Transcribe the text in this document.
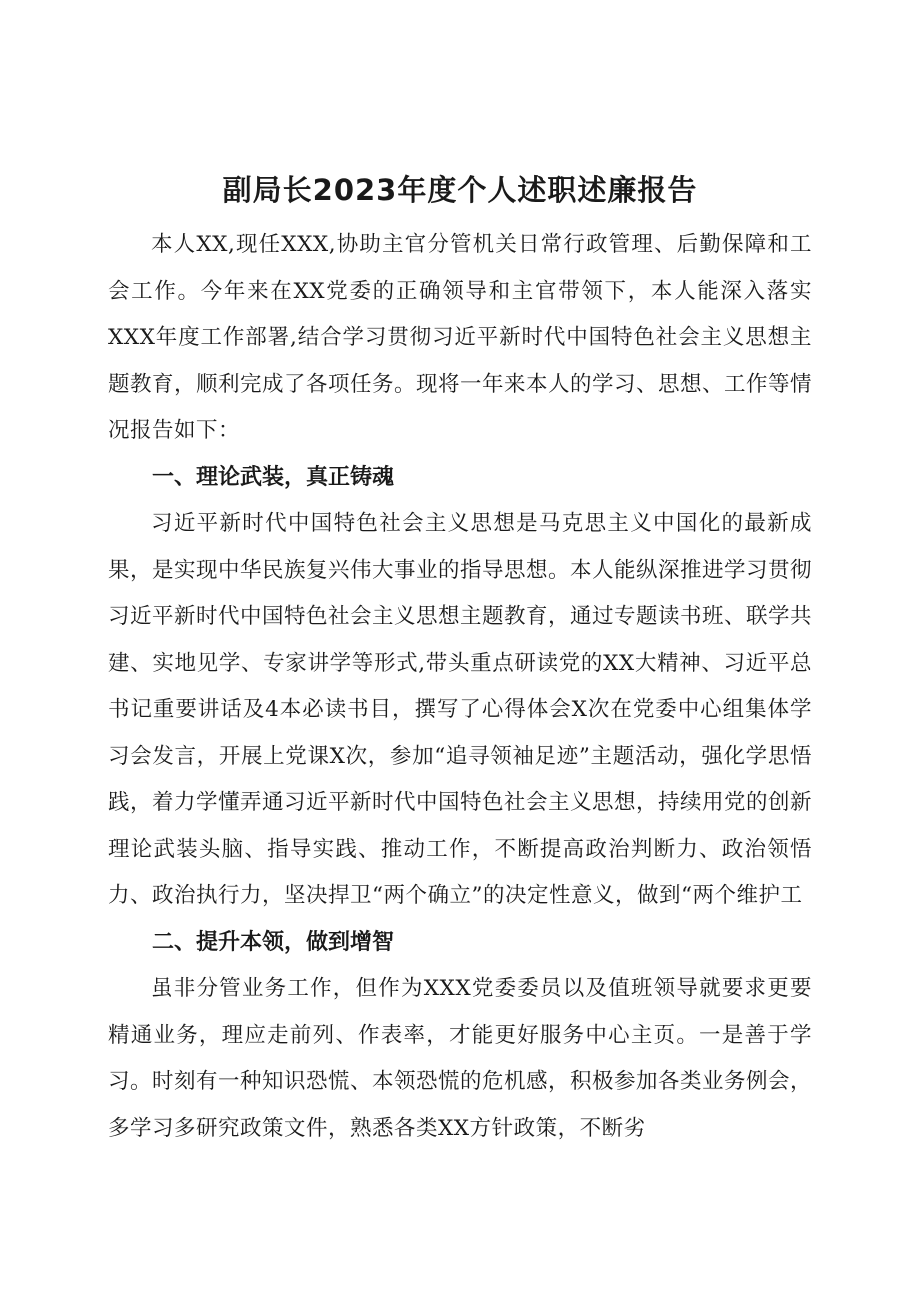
副局长2023年度个人述职述廉报告

本人XX,现任XXX,协助主官分管机关日常行政管理、后勤保障和工会工作。今年来在XX党委的正确领导和主官带领下，本人能深入落实XXX年度工作部署,结合学习贯彻习近平新时代中国特色社会主义思想主题教育，顺利完成了各项任务。现将一年来本人的学习、思想、工作等情况报告如下：

一、理论武装，真正铸魂

习近平新时代中国特色社会主义思想是马克思主义中国化的最新成果，是实现中华民族复兴伟大事业的指导思想。本人能纵深推进学习贯彻习近平新时代中国特色社会主义思想主题教育，通过专题读书班、联学共建、实地见学、专家讲学等形式,带头重点研读党的XX大精神、习近平总书记重要讲话及4本必读书目，撰写了心得体会X次在党委中心组集体学习会发言，开展上党课X次，参加“追寻领袖足迹”主题活动，强化学思悟践，着力学懂弄通习近平新时代中国特色社会主义思想，持续用党的创新理论武装头脑、指导实践、推动工作，不断提高政治判断力、政治领悟力、政治执行力，坚决捍卫“两个确立”的决定性意义，做到“两个维护工

二、提升本领，做到增智

虽非分管业务工作，但作为XXX党委委员以及值班领导就要求更要精通业务，理应走前列、作表率，才能更好服务中心主页。一是善于学习。时刻有一种知识恐慌、本领恐慌的危机感，积极参加各类业务例会，多学习多研究政策文件，熟悉各类XX方针政策，不断劣
